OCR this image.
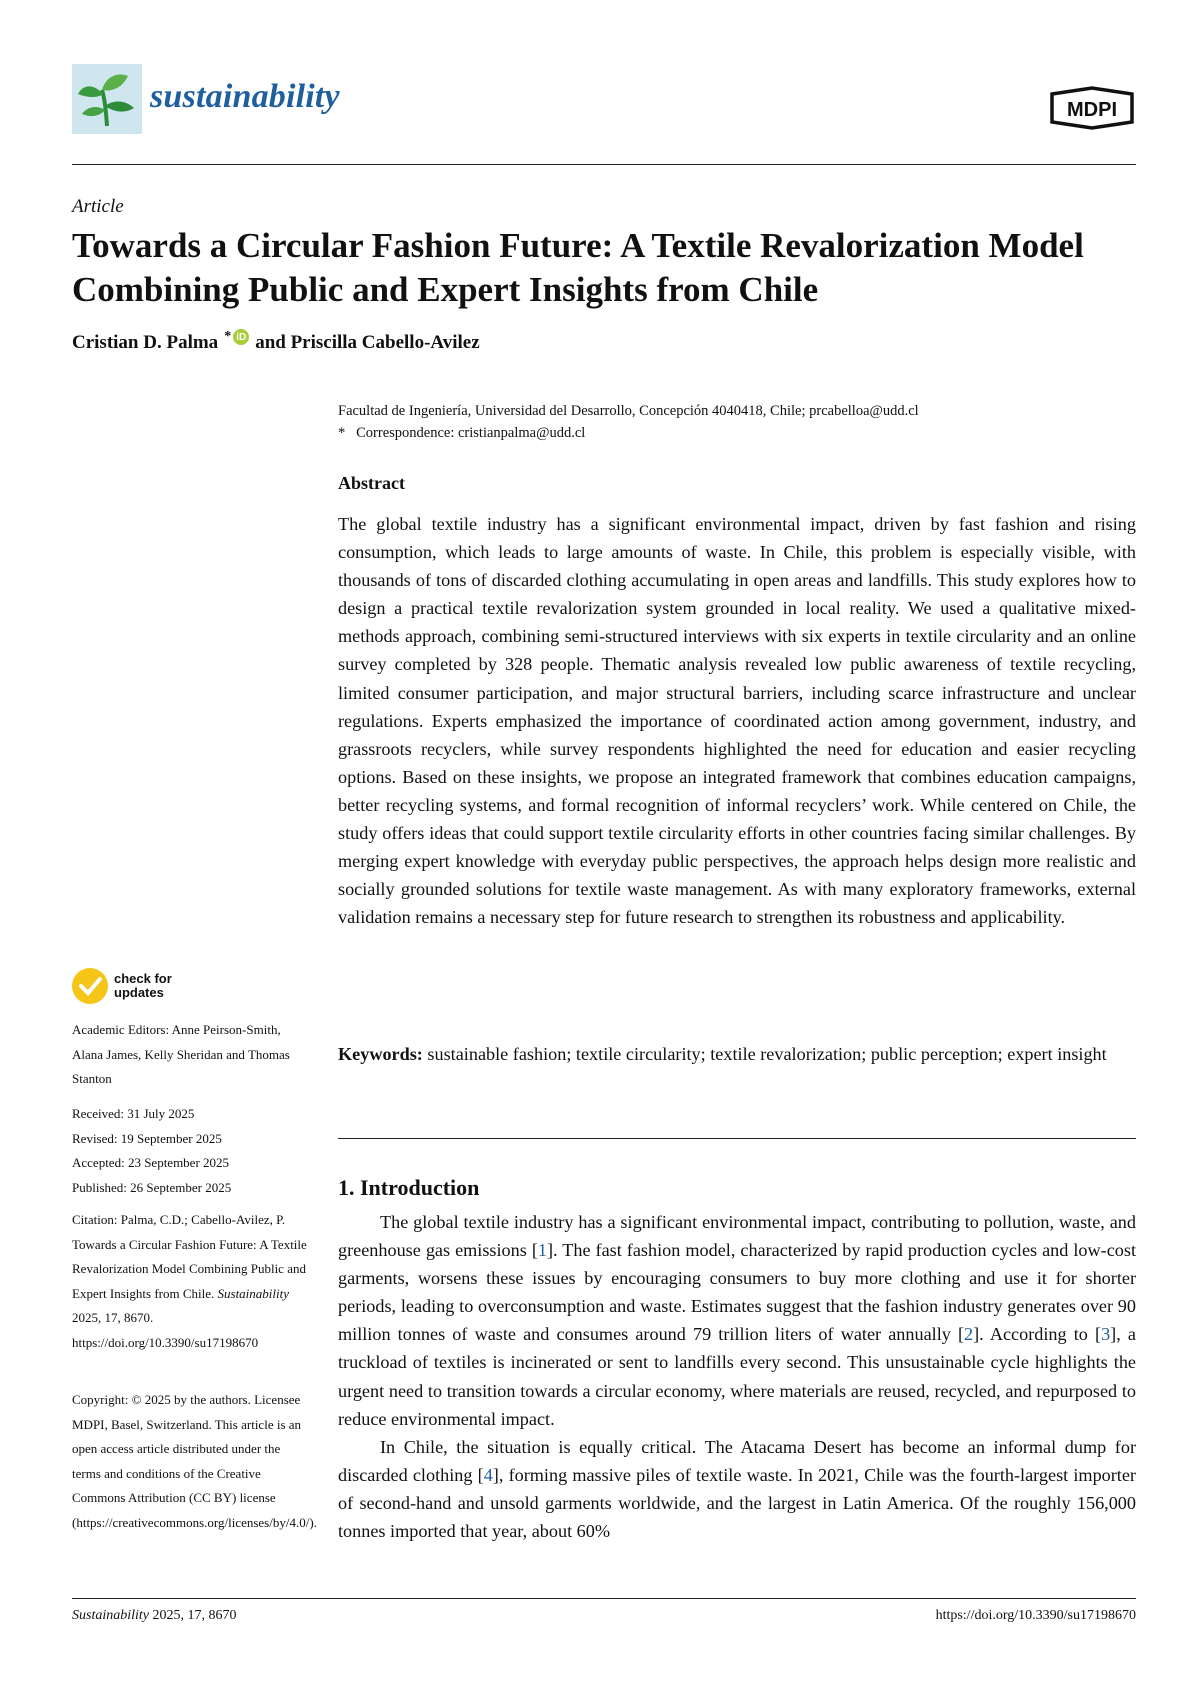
sustainability	MDPI
Article
Towards a Circular Fashion Future: A Textile Revalorization Model Combining Public and Expert Insights from Chile
Cristian D. Palma * iD and Priscilla Cabello-Avilez
Facultad de Ingeniería, Universidad del Desarrollo, Concepción 4040418, Chile; prcabelloa@udd.cl
* Correspondence: cristianpalma@udd.cl
Abstract
The global textile industry has a significant environmental impact, driven by fast fashion and rising consumption, which leads to large amounts of waste. In Chile, this problem is especially visible, with thousands of tons of discarded clothing accumulating in open areas and landfills. This study explores how to design a practical textile revalorization system grounded in local reality. We used a qualitative mixed-methods approach, combining semi-structured interviews with six experts in textile circularity and an online survey completed by 328 people. Thematic analysis revealed low public awareness of textile recycling, limited consumer participation, and major structural barriers, including scarce infrastructure and unclear regulations. Experts emphasized the importance of coordinated action among government, industry, and grassroots recyclers, while survey respondents highlighted the need for education and easier recycling options. Based on these insights, we propose an integrated framework that combines education campaigns, better recycling systems, and formal recognition of informal recyclers’ work. While centered on Chile, the study offers ideas that could support textile circularity efforts in other countries facing similar challenges. By merging expert knowledge with everyday public perspectives, the approach helps design more realistic and socially grounded solutions for textile waste management. As with many exploratory frameworks, external validation remains a necessary step for future research to strengthen its robustness and applicability.
Keywords: sustainable fashion; textile circularity; textile revalorization; public perception; expert insight
1. Introduction

The global textile industry has a significant environmental impact, contributing to pollution, waste, and greenhouse gas emissions [1]. The fast fashion model, characterized by rapid production cycles and low-cost garments, worsens these issues by encouraging consumers to buy more clothing and use it for shorter periods, leading to overconsumption and waste. Estimates suggest that the fashion industry generates over 90 million tonnes of waste and consumes around 79 trillion liters of water annually [2]. According to [3], a truckload of textiles is incinerated or sent to landfills every second. This unsustainable cycle highlights the urgent need to transition towards a circular economy, where materials are reused, recycled, and repurposed to reduce environmental impact.

In Chile, the situation is equally critical. The Atacama Desert has become an informal dump for discarded clothing [4], forming massive piles of textile waste. In 2021, Chile was the fourth-largest importer of second-hand and unsold garments worldwide, and the largest in Latin America. Of the roughly 156,000 tonnes imported that year, about 60%

check for
updates
Academic Editors: Anne Peirson-Smith, Alana James, Kelly Sheridan and Thomas Stanton

Received: 31 July 2025

Revised: 19 September 2025

Accepted: 23 September 2025

Published: 26 September 2025

Citation: Palma, C.D.; Cabello-Avilez, P. Towards a Circular Fashion Future: A Textile Revalorization Model Combining Public and Expert Insights from Chile. Sustainability 2025, 17, 8670. https://doi.org/10.3390/su17198670
Copyright: © 2025 by the authors. Licensee MDPI, Basel, Switzerland. This article is an open access article distributed under the terms and conditions of the Creative Commons Attribution (CC BY) license (https://creativecommons.org/licenses/by/4.0/).
Sustainability 2025, 17, 8670	https://doi.org/10.3390/su17198670
